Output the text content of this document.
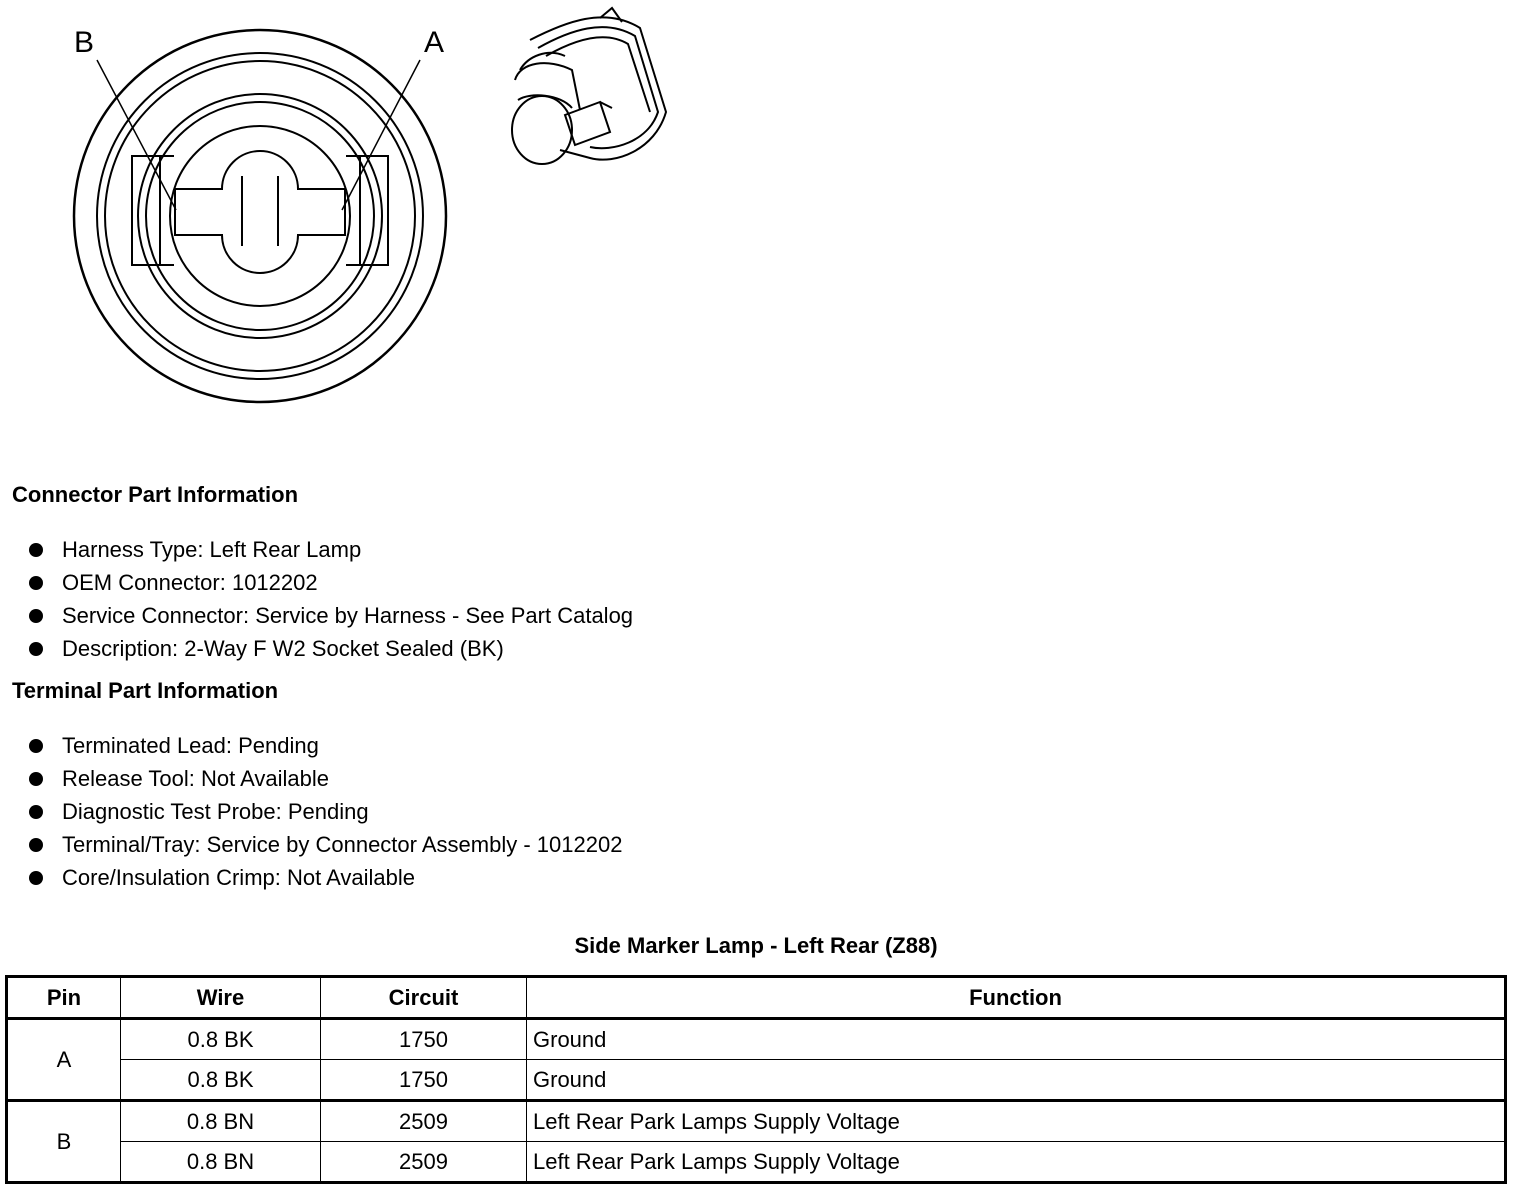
B	A
Connector Part Information
Harness Type: Left Rear Lamp
OEM Connector: 1012202
Service Connector: Service by Harness - See Part Catalog
Description: 2-Way F W2 Socket Sealed (BK)
Terminal Part Information
Terminated Lead: Pending
Release Tool: Not Available
Diagnostic Test Probe: Pending
Terminal/Tray: Service by Connector Assembly - 1012202
Core/Insulation Crimp: Not Available
Side Marker Lamp - Left Rear (Z88)
Pin	Wire	Circuit	Function
A	0.8 BK	1750	Ground
	0.8 BK	1750	Ground
B	0.8 BN	2509	Left Rear Park Lamps Supply Voltage
	0.8 BN	2509	Left Rear Park Lamps Supply Voltage
